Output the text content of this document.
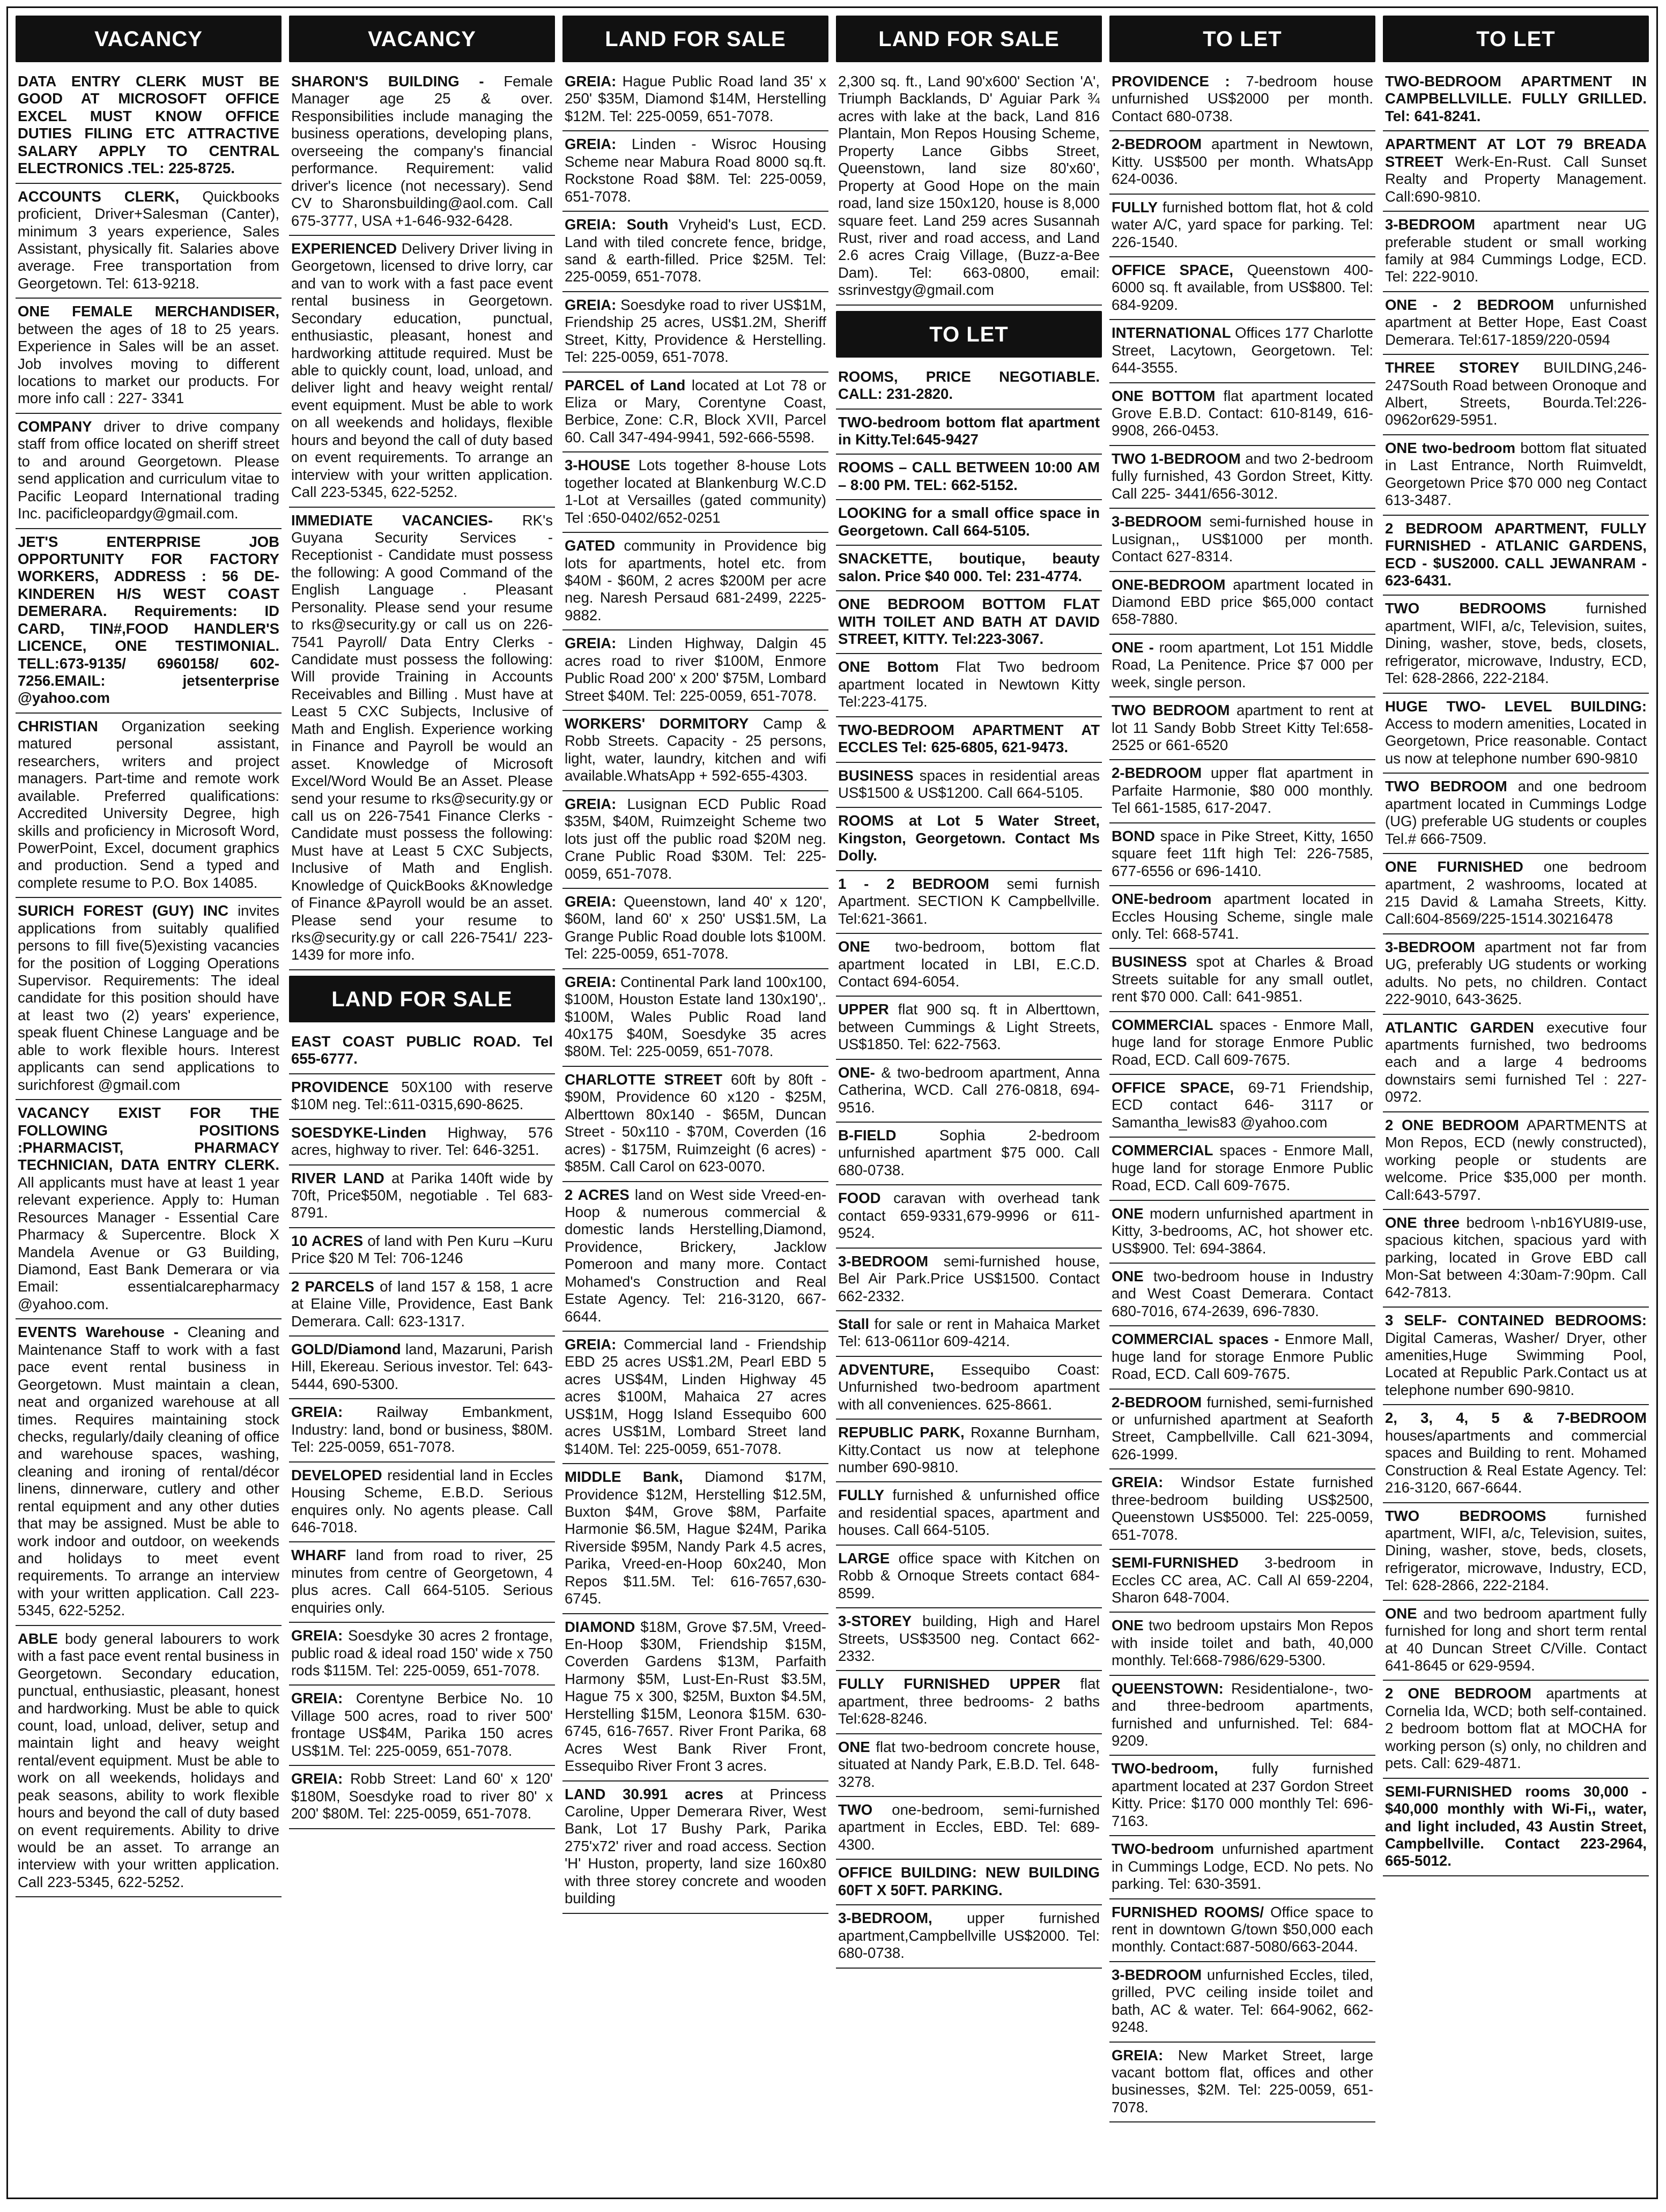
VACANCY
DATA ENTRY CLERK MUST BE GOOD AT MICROSOFT OFFICE EXCEL MUST KNOW OFFICE DUTIES FILING ETC ATTRACTIVE SALARY APPLY TO CENTRAL ELECTRONICS .TEL: 225-8725.
ACCOUNTS CLERK, Quickbooks proficient, Driver+Salesman (Canter), minimum 3 years experience, Sales Assistant, physically fit. Salaries above average. Free transportation from Georgetown. Tel: 613-9218.
ONE FEMALE MERCHANDISER, between the ages of 18 to 25 years. Experience in Sales will be an asset. Job involves moving to different locations to market our products. For more info call : 227- 3341
COMPANY driver to drive company staff from office located on sheriff street to and around Georgetown. Please send application and curriculum vitae to Pacific Leopard International trading Inc. pacificleopardgy@gmail.com.
JET'S ENTERPRISE JOB OPPORTUNITY FOR FACTORY WORKERS, ADDRESS : 56 DE-KINDEREN H/S WEST COAST DEMERARA. Requirements: ID CARD, TIN#,FOOD HANDLER'S LICENCE, ONE TESTIMONIAL. TELL:673-9135/ 6960158/ 602-7256.EMAIL: jetsenterprise @yahoo.com
CHRISTIAN Organization seeking matured personal assistant, researchers, writers and project managers. Part-time and remote work available. Preferred qualifications: Accredited University Degree, high skills and proficiency in Microsoft Word, PowerPoint, Excel, document graphics and production. Send a typed and complete resume to P.O. Box 14085.
SURICH FOREST (GUY) INC invites applications from suitably qualified persons to fill five(5)existing vacancies for the position of Logging Operations Supervisor. Requirements: The ideal candidate for this position should have at least two (2) years' experience, speak fluent Chinese Language and be able to work flexible hours. Interest applicants can send applications to surichforest @gmail.com
VACANCY EXIST FOR THE FOLLOWING POSITIONS :PHARMACIST, PHARMACY TECHNICIAN, DATA ENTRY CLERK. All applicants must have at least 1 year relevant experience. Apply to: Human Resources Manager - Essential Care Pharmacy & Supercentre. Block X Mandela Avenue or G3 Building, Diamond, East Bank Demerara or via Email: essentialcarepharmacy @yahoo.com.
EVENTS Warehouse - Cleaning and Maintenance Staff to work with a fast pace event rental business in Georgetown. Must maintain a clean, neat and organized warehouse at all times. Requires maintaining stock checks, regularly/daily cleaning of office and warehouse spaces, washing, cleaning and ironing of rental/décor linens, dinnerware, cutlery and other rental equipment and any other duties that may be assigned. Must be able to work indoor and outdoor, on weekends and holidays to meet event requirements. To arrange an interview with your written application. Call 223-5345, 622-5252.
ABLE body general labourers to work with a fast pace event rental business in Georgetown. Secondary education, punctual, enthusiastic, pleasant, honest and hardworking. Must be able to quick count, load, unload, deliver, setup and maintain light and heavy weight rental/event equipment. Must be able to work on all weekends, holidays and peak seasons, ability to work flexible hours and beyond the call of duty based on event requirements. Ability to drive would be an asset. To arrange an interview with your written application. Call 223-5345, 622-5252.
VACANCY
SHARON'S BUILDING - Female Manager age 25 & over. Responsibilities include managing the business operations, developing plans, overseeing the company's financial performance. Requirement: valid driver's licence (not necessary). Send CV to Sharonsbuilding@aol.com. Call 675-3777, USA +1-646-932-6428.
EXPERIENCED Delivery Driver living in Georgetown, licensed to drive lorry, car and van to work with a fast pace event rental business in Georgetown. Secondary education, punctual, enthusiastic, pleasant, honest and hardworking attitude required. Must be able to quickly count, load, unload, and deliver light and heavy weight rental/ event equipment. Must be able to work on all weekends and holidays, flexible hours and beyond the call of duty based on event requirements. To arrange an interview with your written application. Call 223-5345, 622-5252.
IMMEDIATE VACANCIES- RK's Guyana Security Services - Receptionist - Candidate must possess the following: A good Command of the English Language . Pleasant Personality. Please send your resume to rks@security.gy or call us on 226-7541 Payroll/ Data Entry Clerks - Candidate must possess the following: Will provide Training in Accounts Receivables and Billing . Must have at Least 5 CXC Subjects, Inclusive of Math and English. Experience working in Finance and Payroll be would an asset. Knowledge of Microsoft Excel/Word Would Be an Asset. Please send your resume to rks@security.gy or call us on 226-7541 Finance Clerks - Candidate must possess the following: Must have at Least 5 CXC Subjects, Inclusive of Math and English. Knowledge of QuickBooks &Knowledge of Finance &Payroll would be an asset. Please send your resume to rks@security.gy or call 226-7541/ 223-1439 for more info.
LAND FOR SALE
EAST COAST PUBLIC ROAD. Tel 655-6777.
PROVIDENCE 50X100 with reserve $10M neg. Tel::611-0315,690-8625.
SOESDYKE-Linden Highway, 576 acres, highway to river. Tel: 646-3251.
RIVER LAND at Parika 140ft wide by 70ft, Price$50M, negotiable . Tel 683-8791.
10 ACRES of land with Pen Kuru –Kuru Price $20 M Tel: 706-1246
2 PARCELS of land 157 & 158, 1 acre at Elaine Ville, Providence, East Bank Demerara. Call: 623-1317.
GOLD/Diamond land, Mazaruni, Parish Hill, Ekereau. Serious investor. Tel: 643-5444, 690-5300.
GREIA: Railway Embankment, Industry: land, bond or business, $80M. Tel: 225-0059, 651-7078.
DEVELOPED residential land in Eccles Housing Scheme, E.B.D. Serious enquires only. No agents please. Call 646-7018.
WHARF land from road to river, 25 minutes from centre of Georgetown, 4 plus acres. Call 664-5105. Serious enquiries only.
GREIA: Soesdyke 30 acres 2 frontage, public road & ideal road 150' wide x 750 rods $115M. Tel: 225-0059, 651-7078.
GREIA: Corentyne Berbice No. 10 Village 500 acres, road to river 500' frontage US$4M, Parika 150 acres US$1M. Tel: 225-0059, 651-7078.
GREIA: Robb Street: Land 60' x 120' $180M, Soesdyke road to river 80' x 200' $80M. Tel: 225-0059, 651-7078.
LAND FOR SALE
GREIA: Hague Public Road land 35' x 250' $35M, Diamond $14M, Herstelling $12M. Tel: 225-0059, 651-7078.
GREIA: Linden - Wisroc Housing Scheme near Mabura Road 8000 sq.ft. Rockstone Road $8M. Tel: 225-0059, 651-7078.
GREIA: South Vryheid's Lust, ECD. Land with tiled concrete fence, bridge, sand & earth-filled. Price $25M. Tel: 225-0059, 651-7078.
GREIA: Soesdyke road to river US$1M, Friendship 25 acres, US$1.2M, Sheriff Street, Kitty, Providence & Herstelling. Tel: 225-0059, 651-7078.
PARCEL of Land located at Lot 78 or Eliza or Mary, Corentyne Coast, Berbice, Zone: C.R, Block XVII, Parcel 60. Call 347-494-9941, 592-666-5598.
3-HOUSE Lots together 8-house Lots together located at Blankenburg W.C.D 1-Lot at Versailles (gated community) Tel :650-0402/652-0251
GATED community in Providence big lots for apartments, hotel etc. from $40M - $60M, 2 acres $200M per acre neg. Naresh Persaud 681-2499, 2225-9882.
GREIA: Linden Highway, Dalgin 45 acres road to river $100M, Enmore Public Road 200' x 200' $75M, Lombard Street $40M. Tel: 225-0059, 651-7078.
WORKERS' DORMITORY Camp & Robb Streets. Capacity - 25 persons, light, water, laundry, kitchen and wifi available.WhatsApp + 592-655-4303.
GREIA: Lusignan ECD Public Road $35M, $40M, Ruimzeight Scheme two lots just off the public road $20M neg. Crane Public Road $30M. Tel: 225-0059, 651-7078.
GREIA: Queenstown, land 40' x 120', $60M, land 60' x 250' US$1.5M, La Grange Public Road double lots $100M. Tel: 225-0059, 651-7078.
GREIA: Continental Park land 100x100, $100M, Houston Estate land 130x190',. $100M, Wales Public Road land 40x175 $40M, Soesdyke 35 acres $80M. Tel: 225-0059, 651-7078.
CHARLOTTE STREET 60ft by 80ft - $90M, Providence 60 x120 - $25M, Alberttown 80x140 - $65M, Duncan Street - 50x110 - $70M, Coverden (16 acres) - $175M, Ruimzeight (6 acres) - $85M. Call Carol on 623-0070.
2 ACRES land on West side Vreed-en-Hoop & numerous commercial & domestic lands Herstelling,Diamond, Providence, Brickery, Jacklow Pomeroon and many more. Contact Mohamed's Construction and Real Estate Agency. Tel: 216-3120, 667-6644.
GREIA: Commercial land - Friendship EBD 25 acres US$1.2M, Pearl EBD 5 acres US$4M, Linden Highway 45 acres $100M, Mahaica 27 acres US$1M, Hogg Island Essequibo 600 acres US$1M, Lombard Street land $140M. Tel: 225-0059, 651-7078.
MIDDLE Bank, Diamond $17M, Providence $12M, Herstelling $12.5M, Buxton $4M, Grove $8M, Parfaite Harmonie $6.5M, Hague $24M, Parika Riverside $95M, Nandy Park 4.5 acres, Parika, Vreed-en-Hoop 60x240, Mon Repos $11.5M. Tel: 616-7657,630-6745.
DIAMOND $18M, Grove $7.5M, Vreed-En-Hoop $30M, Friendship $15M, Coverden Gardens $13M, Parfaith Harmony $5M, Lust-En-Rust $3.5M, Hague 75 x 300, $25M, Buxton $4.5M, Herstelling $15M, Leonora $15M. 630-6745, 616-7657. River Front Parika, 68 Acres West Bank River Front, Essequibo River Front 3 acres.
LAND 30.991 acres at Princess Caroline, Upper Demerara River, West Bank, Lot 17 Bushy Park, Parika 275'x72' river and road access. Section 'H' Huston, property, land size 160x80 with three storey concrete and wooden building
LAND FOR SALE
2,300 sq. ft., Land 90'x600' Section 'A', Triumph Backlands, D' Aguiar Park ¾ acres with lake at the back, Land 816 Plantain, Mon Repos Housing Scheme, Property Lance Gibbs Street, Queenstown, land size 80'x60', Property at Good Hope on the main road, land size 150x120, house is 8,000 square feet. Land 259 acres Susannah Rust, river and road access, and Land 2.6 acres Craig Village, (Buzz-a-Bee Dam). Tel: 663-0800, email: ssrinvestgy@gmail.com
TO LET
ROOMS, PRICE NEGOTIABLE. CALL: 231-2820.
TWO-bedroom bottom flat apartment in Kitty.Tel:645-9427
ROOMS – CALL BETWEEN 10:00 AM – 8:00 PM. TEL: 662-5152.
LOOKING for a small office space in Georgetown. Call 664-5105.
SNACKETTE, boutique, beauty salon. Price $40 000. Tel: 231-4774.
ONE BEDROOM BOTTOM FLAT WITH TOILET AND BATH AT DAVID STREET, KITTY. Tel:223-3067.
ONE Bottom Flat Two bedroom apartment located in Newtown Kitty Tel:223-4175.
TWO-BEDROOM APARTMENT AT ECCLES Tel: 625-6805, 621-9473.
BUSINESS spaces in residential areas US$1500 & US$1200. Call 664-5105.
ROOMS at Lot 5 Water Street, Kingston, Georgetown. Contact Ms Dolly.
1 - 2 BEDROOM semi furnish Apartment. SECTION K Campbellville. Tel:621-3661.
ONE two-bedroom, bottom flat apartment located in LBI, E.C.D. Contact 694-6054.
UPPER flat 900 sq. ft in Alberttown, between Cummings & Light Streets, US$1850. Tel: 622-7563.
ONE- & two-bedroom apartment, Anna Catherina, WCD. Call 276-0818, 694-9516.
B-FIELD	Sophia 2-bedroom unfurnished apartment $75 000. Call 680-0738.
FOOD caravan with overhead tank contact 659-9331,679-9996 or 611-9524.
3-BEDROOM semi-furnished house, Bel Air Park.Price US$1500. Contact 662-2332.
Stall for sale or rent in Mahaica Market Tel: 613-0611or 609-4214.
ADVENTURE, Essequibo Coast: Unfurnished two-bedroom apartment with all conveniences. 625-8661.
REPUBLIC PARK, Roxanne Burnham, Kitty.Contact us now at telephone number 690-9810.
FULLY furnished & unfurnished office and residential spaces, apartment and houses. Call 664-5105.
LARGE office space with Kitchen on Robb & Ornoque Streets contact 684-8599.
3-STOREY building, High and Harel Streets, US$3500 neg. Contact 662-2332.
FULLY FURNISHED UPPER flat apartment, three bedrooms- 2 baths Tel:628-8246.
ONE flat two-bedroom concrete house, situated at Nandy Park, E.B.D. Tel. 648-3278.
TWO one-bedroom, semi-furnished apartment in Eccles, EBD. Tel: 689-4300.
OFFICE BUILDING: NEW BUILDING 60FT X 50FT. PARKING.
3-BEDROOM, upper furnished apartment,Campbellville US$2000. Tel: 680-0738.
TO LET
PROVIDENCE : 7-bedroom house unfurnished US$2000 per month. Contact 680-0738.
2-BEDROOM apartment in Newtown, Kitty. US$500 per month. WhatsApp 624-0036.
FULLY furnished bottom flat, hot & cold water A/C, yard space for parking. Tel: 226-1540.
OFFICE SPACE, Queenstown 400-6000 sq. ft available, from US$800. Tel: 684-9209.
INTERNATIONAL Offices 177 Charlotte Street, Lacytown, Georgetown. Tel: 644-3555.
ONE BOTTOM flat apartment located Grove E.B.D. Contact: 610-8149, 616-9908, 266-0453.
TWO 1-BEDROOM and two 2-bedroom fully furnished, 43 Gordon Street, Kitty. Call 225- 3441/656-3012.
3-BEDROOM semi-furnished house in Lusignan,, US$1000 per month. Contact 627-8314.
ONE-BEDROOM apartment located in Diamond EBD price $65,000 contact 658-7880.
ONE - room apartment, Lot 151 Middle Road, La Penitence. Price $7 000 per week, single person.
TWO BEDROOM apartment to rent at lot 11 Sandy Bobb Street Kitty Tel:658-2525 or 661-6520
2-BEDROOM upper flat apartment in Parfaite Harmonie, $80 000 monthly. Tel 661-1585, 617-2047.
BOND space in Pike Street, Kitty, 1650 square feet 11ft high Tel: 226-7585, 677-6556 or 696-1410.
ONE-bedroom apartment located in Eccles Housing Scheme, single male only. Tel: 668-5741.
BUSINESS spot at Charles & Broad Streets suitable for any small outlet, rent $70 000. Call: 641-9851.
COMMERCIAL spaces - Enmore Mall, huge land for storage Enmore Public Road, ECD. Call 609-7675.
OFFICE SPACE, 69-71 Friendship, ECD contact 646- 3117 or Samantha_lewis83 @yahoo.com
COMMERCIAL spaces - Enmore Mall, huge land for storage Enmore Public Road, ECD. Call 609-7675.
ONE modern unfurnished apartment in Kitty, 3-bedrooms, AC, hot shower etc. US$900. Tel: 694-3864.
ONE two-bedroom house in Industry and West Coast Demerara. Contact 680-7016, 674-2639, 696-7830.
COMMERCIAL spaces - Enmore Mall, huge land for storage Enmore Public Road, ECD. Call 609-7675.
2-BEDROOM furnished, semi-furnished or unfurnished apartment at Seaforth Street, Campbellville. Call 621-3094, 626-1999.
GREIA: Windsor Estate furnished three-bedroom building US$2500, Queenstown US$5000. Tel: 225-0059, 651-7078.
SEMI-FURNISHED 3-bedroom in Eccles CC area, AC. Call Al 659-2204, Sharon 648-7004.
ONE two bedroom upstairs Mon Repos with inside toilet and bath, 40,000 monthly. Tel:668-7986/629-5300.
QUEENSTOWN: Residentialone-, two- and three-bedroom apartments, furnished and unfurnished. Tel: 684-9209.
TWO-bedroom, fully furnished apartment located at 237 Gordon Street Kitty. Price: $170 000 monthly Tel: 696-7163.
TWO-bedroom unfurnished apartment in Cummings Lodge, ECD. No pets. No parking. Tel: 630-3591.
FURNISHED ROOMS/ Office space to rent in downtown G/town $50,000 each monthly. Contact:687-5080/663-2044.
3-BEDROOM unfurnished Eccles, tiled, grilled, PVC ceiling inside toilet and bath, AC & water. Tel: 664-9062, 662-9248.
GREIA: New Market Street, large vacant bottom flat, offices and other businesses, $2M. Tel: 225-0059, 651-7078.
TO LET
TWO-BEDROOM APARTMENT IN CAMPBELLVILLE. FULLY GRILLED. Tel: 641-8241.
APARTMENT AT LOT 79 BREADA STREET Werk-En-Rust. Call Sunset Realty and Property Management. Call:690-9810.
3-BEDROOM apartment near UG preferable student or small working family at 984 Cummings Lodge, ECD. Tel: 222-9010.
ONE - 2 BEDROOM unfurnished apartment at Better Hope, East Coast Demerara. Tel:617-1859/220-0594
THREE STOREY BUILDING,246-247South Road between Oronoque and Albert, Streets, Bourda.Tel:226-0962or629-5951.
ONE two-bedroom bottom flat situated in Last Entrance, North Ruimveldt, Georgetown Price $70 000 neg Contact 613-3487.
2 BEDROOM APARTMENT, FULLY FURNISHED - ATLANIC GARDENS, ECD - $US2000. CALL JEWANRAM - 623-6431.
TWO BEDROOMS	furnished apartment, WIFI, a/c, Television, suites, Dining, washer, stove, beds, closets, refrigerator, microwave, Industry, ECD, Tel: 628-2866, 222-2184.
HUGE TWO- LEVEL BUILDING: Access to modern amenities, Located in Georgetown, Price reasonable. Contact us now at telephone number 690-9810
TWO BEDROOM and one bedroom apartment located in Cummings Lodge (UG) preferable UG students or couples Tel.# 666-7509.
ONE FURNISHED one bedroom apartment, 2 washrooms, located at 215 David & Lamaha Streets, Kitty. Call:604-8569/225-1514.30216478
3-BEDROOM apartment not far from UG, preferably UG students or working adults. No pets, no children. Contact 222-9010, 643-3625.
ATLANTIC GARDEN executive four apartments furnished, two bedrooms each and a large 4 bedrooms downstairs semi furnished Tel : 227-0972.
2 ONE BEDROOM APARTMENTS at Mon Repos, ECD (newly constructed), working people or students are welcome. Price $35,000 per month. Call:643-5797.
ONE three bedroom \-nb16YU8I9-use, spacious kitchen, spacious yard with parking, located in Grove EBD call Mon-Sat between 4:30am-7:90pm. Call 642-7813.
3 SELF- CONTAINED BEDROOMS: Digital Cameras, Washer/ Dryer, other amenities,Huge Swimming Pool, Located at Republic Park.Contact us at telephone number 690-9810.
2, 3, 4, 5 & 7-BEDROOM houses/apartments and commercial spaces and Building to rent. Mohamed Construction & Real Estate Agency. Tel: 216-3120, 667-6644.
TWO BEDROOMS	furnished apartment, WIFI, a/c, Television, suites, Dining, washer, stove, beds, closets, refrigerator, microwave, Industry, ECD, Tel: 628-2866, 222-2184.
ONE and two bedroom apartment fully furnished for long and short term rental at 40 Duncan Street C/Ville. Contact 641-8645 or 629-9594.
2 ONE BEDROOM apartments at Cornelia Ida, WCD; both self-contained. 2 bedroom bottom flat at MOCHA for working person (s) only, no children and pets. Call: 629-4871.
SEMI-FURNISHED rooms 30,000 - $40,000 monthly with Wi-Fi,, water, and light included, 43 Austin Street, Campbellville. Contact 223-2964, 665-5012.
